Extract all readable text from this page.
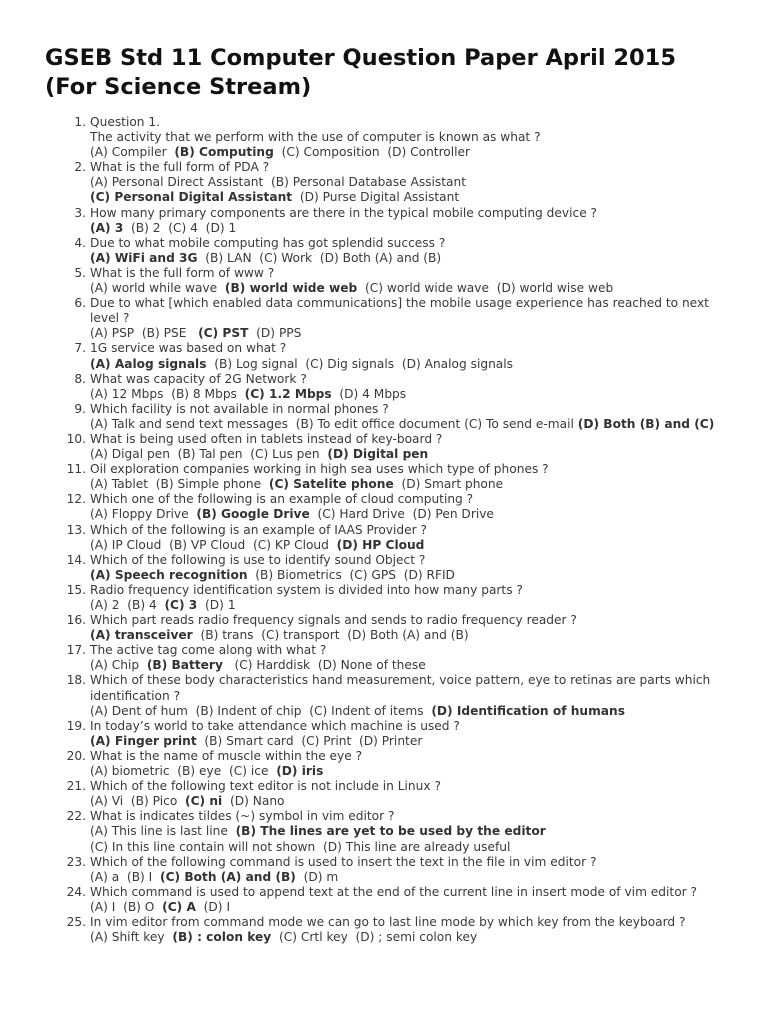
GSEB Std 11 Computer Question Paper April 2015
(For Science Stream)
1. Question 1.
The activity that we perform with the use of computer is known as what ?
(A) Compiler  (B) Computing  (C) Composition  (D) Controller
2. What is the full form of PDA ?
(A) Personal Direct Assistant  (B) Personal Database Assistant
(C) Personal Digital Assistant  (D) Purse Digital Assistant
3. How many primary components are there in the typical mobile computing device ?
(A) 3  (B) 2  (C) 4  (D) 1
4. Due to what mobile computing has got splendid success ?
(A) WiFi and 3G  (B) LAN  (C) Work  (D) Both (A) and (B)
5. What is the full form of www ?
(A) world while wave  (B) world wide web  (C) world wide wave  (D) world wise web
6. Due to what [which enabled data communications] the mobile usage experience has reached to next level ?
(A) PSP  (B) PSE   (C) PST  (D) PPS
7. 1G service was based on what ?
(A) Aalog signals  (B) Log signal  (C) Dig signals  (D) Analog signals
8. What was capacity of 2G Network ?
(A) 12 Mbps  (B) 8 Mbps  (C) 1.2 Mbps  (D) 4 Mbps
9. Which facility is not available in normal phones ?
(A) Talk and send text messages  (B) To edit office document (C) To send e-mail (D) Both (B) and (C)
10. What is being used often in tablets instead of key-board ?
(A) Digal pen  (B) Tal pen  (C) Lus pen  (D) Digital pen
11. Oil exploration companies working in high sea uses which type of phones ?
(A) Tablet  (B) Simple phone  (C) Satelite phone  (D) Smart phone
12. Which one of the following is an example of cloud computing ?
(A) Floppy Drive  (B) Google Drive  (C) Hard Drive  (D) Pen Drive
13. Which of the following is an example of IAAS Provider ?
(A) IP Cloud  (B) VP Cloud  (C) KP Cloud  (D) HP Cloud
14. Which of the following is use to identify sound Object ?
(A) Speech recognition  (B) Biometrics  (C) GPS  (D) RFID
15. Radio frequency identification system is divided into how many parts ?
(A) 2  (B) 4  (C) 3  (D) 1
16. Which part reads radio frequency signals and sends to radio frequency reader ?
(A) transceiver  (B) trans  (C) transport  (D) Both (A) and (B)
17. The active tag come along with what ?
(A) Chip  (B) Battery   (C) Harddisk  (D) None of these
18. Which of these body characteristics hand measurement, voice pattern, eye to retinas are parts which identification ?
(A) Dent of hum  (B) Indent of chip  (C) Indent of items  (D) Identification of humans
19. In today’s world to take attendance which machine is used ?
(A) Finger print  (B) Smart card  (C) Print  (D) Printer
20. What is the name of muscle within the eye ?
(A) biometric  (B) eye  (C) ice  (D) iris
21. Which of the following text editor is not include in Linux ?
(A) Vi  (B) Pico  (C) ni  (D) Nano
22. What is indicates tildes (~) symbol in vim editor ?
(A) This line is last line  (B) The lines are yet to be used by the editor
(C) In this line contain will not shown  (D) This line are already useful
23. Which of the following command is used to insert the text in the file in vim editor ?
(A) a  (B) I  (C) Both (A) and (B)  (D) m
24. Which command is used to append text at the end of the current line in insert mode of vim editor ?
(A) I  (B) O  (C) A  (D) I
25. In vim editor from command mode we can go to last line mode by which key from the keyboard ?
(A) Shift key  (B) : colon key  (C) Crtl key  (D) ; semi colon key
